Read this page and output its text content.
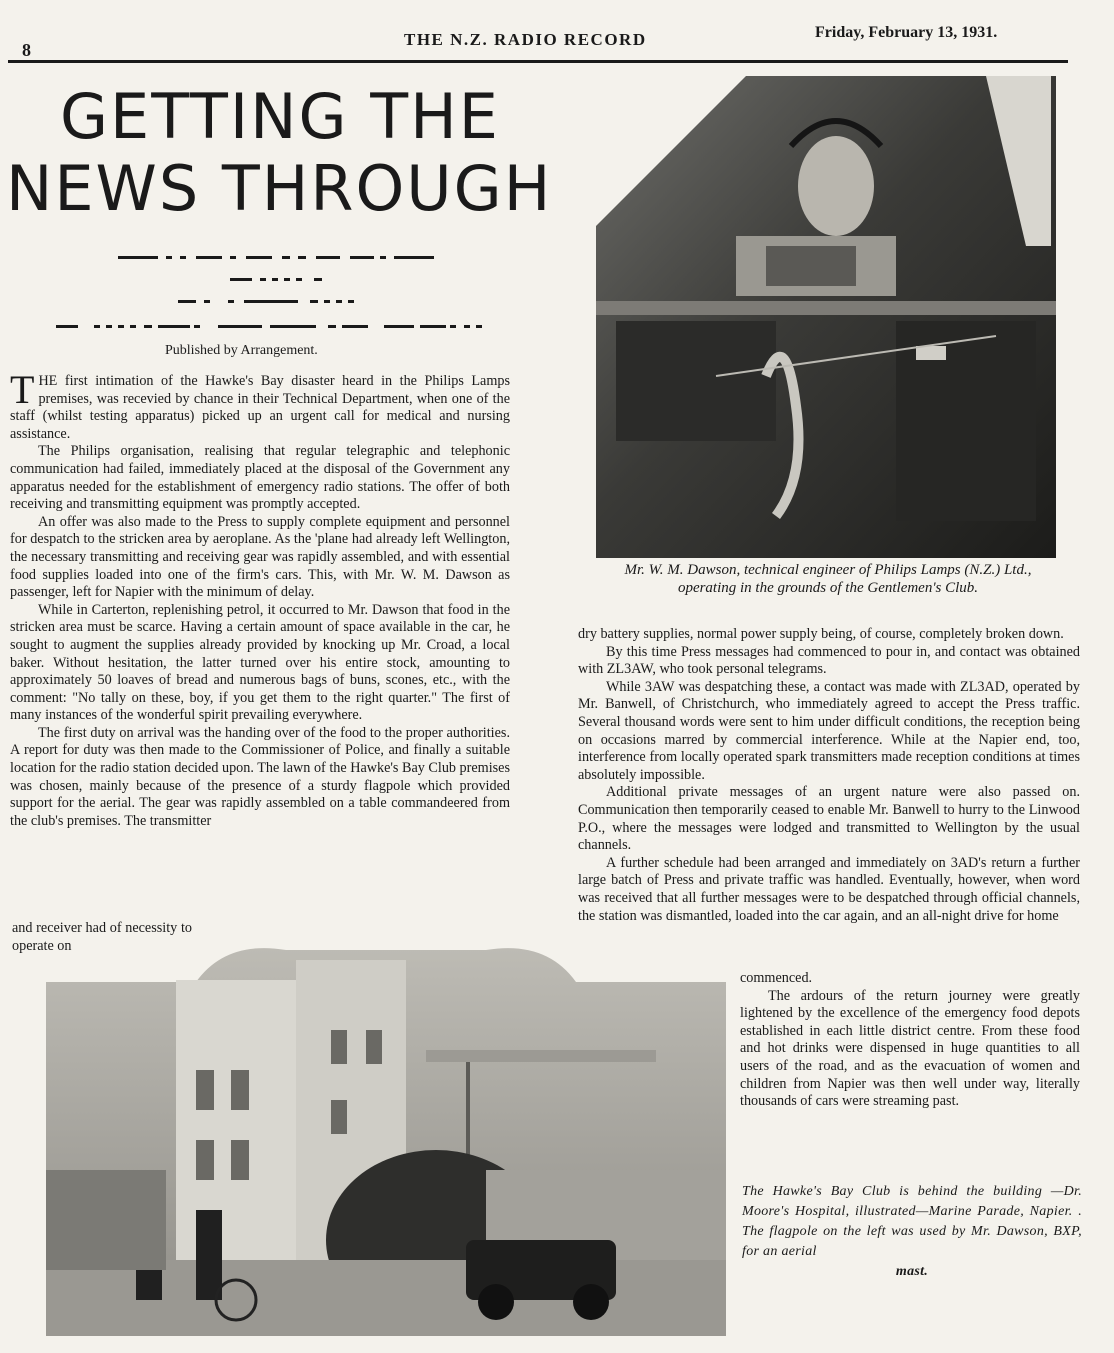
8
THE N.Z. RADIO RECORD	Friday, February 13, 1931.
GETTING THE
NEWS THROUGH
Published by Arrangement.
Mr. W. M. Dawson, technical engineer of Philips Lamps (N.Z.) Ltd., operating in the grounds of the Gentlemen's Club.

THE first intimation of the Hawke's Bay disaster heard in the Philips Lamps premises, was recevied by chance in their Technical Department, when one of the staff (whilst testing apparatus) picked up an urgent call for medical and nursing assistance.

The Philips organisation, realising that regular telegraphic and telephonic communication had failed, immediately placed at the disposal of the Government any apparatus needed for the establishment of emergency radio stations. The offer of both receiving and transmitting equipment was promptly accepted.

An offer was also made to the Press to supply complete equipment and personnel for despatch to the stricken area by aeroplane. As the 'plane had already left Wellington, the necessary transmitting and receiving gear was rapidly assembled, and with essential food supplies loaded into one of the firm's cars. This, with Mr. W. M. Dawson as passenger, left for Napier with the minimum of delay.

While in Carterton, replenishing petrol, it occurred to Mr. Dawson that food in the stricken area must be scarce. Having a certain amount of space available in the car, he sought to augment the supplies already provided by knocking up Mr. Croad, a local baker. Without hesitation, the latter turned over his entire stock, amounting to approximately 50 loaves of bread and numerous bags of buns, scones, etc., with the comment: "No tally on these, boy, if you get them to the right quarter." The first of many instances of the wonderful spirit prevailing everywhere.

The first duty on arrival was the handing over of the food to the proper authorities. A report for duty was then made to the Commissioner of Police, and finally a suitable location for the radio station decided upon. The lawn of the Hawke's Bay Club premises was chosen, mainly because of the presence of a sturdy flagpole which provided support for the aerial. The gear was rapidly assembled on a table commandeered from the club's premises. The transmitter

and receiver had of necessity to operate on

dry battery supplies, normal power supply being, of course, completely broken down.

By this time Press messages had commenced to pour in, and contact was obtained with ZL3AW, who took personal telegrams.

While 3AW was despatching these, a contact was made with ZL3AD, operated by Mr. Banwell, of Christchurch, who immediately agreed to accept the Press traffic. Several thousand words were sent to him under difficult conditions, the reception being on occasions marred by commercial interference. While at the Napier end, too, interference from locally operated spark transmitters made reception conditions at times absolutely impossible.

Additional private messages of an urgent nature were also passed on. Communication then temporarily ceased to enable Mr. Banwell to hurry to the Linwood P.O., where the messages were lodged and transmitted to Wellington by the usual channels.

A further schedule had been arranged and immediately on 3AD's return a further large batch of Press and private traffic was handled. Eventually, however, when word was received that all further messages were to be despatched through official channels, the station was dismantled, loaded into the car again, and an all-night drive for home

commenced.

The ardours of the return journey were greatly lightened by the excellence of the emergency food depots established in each little district centre. From these food and hot drinks were dispensed in huge quantities to all users of the road, and as the evacuation of women and children from Napier was then well under way, literally thousands of cars were streaming past.

The Hawke's Bay Club is behind the building —Dr. Moore's Hospital, illustrated—Marine Parade, Napier. . The flagpole on the left was used by Mr. Dawson, BXP, for an aerial
mast.
